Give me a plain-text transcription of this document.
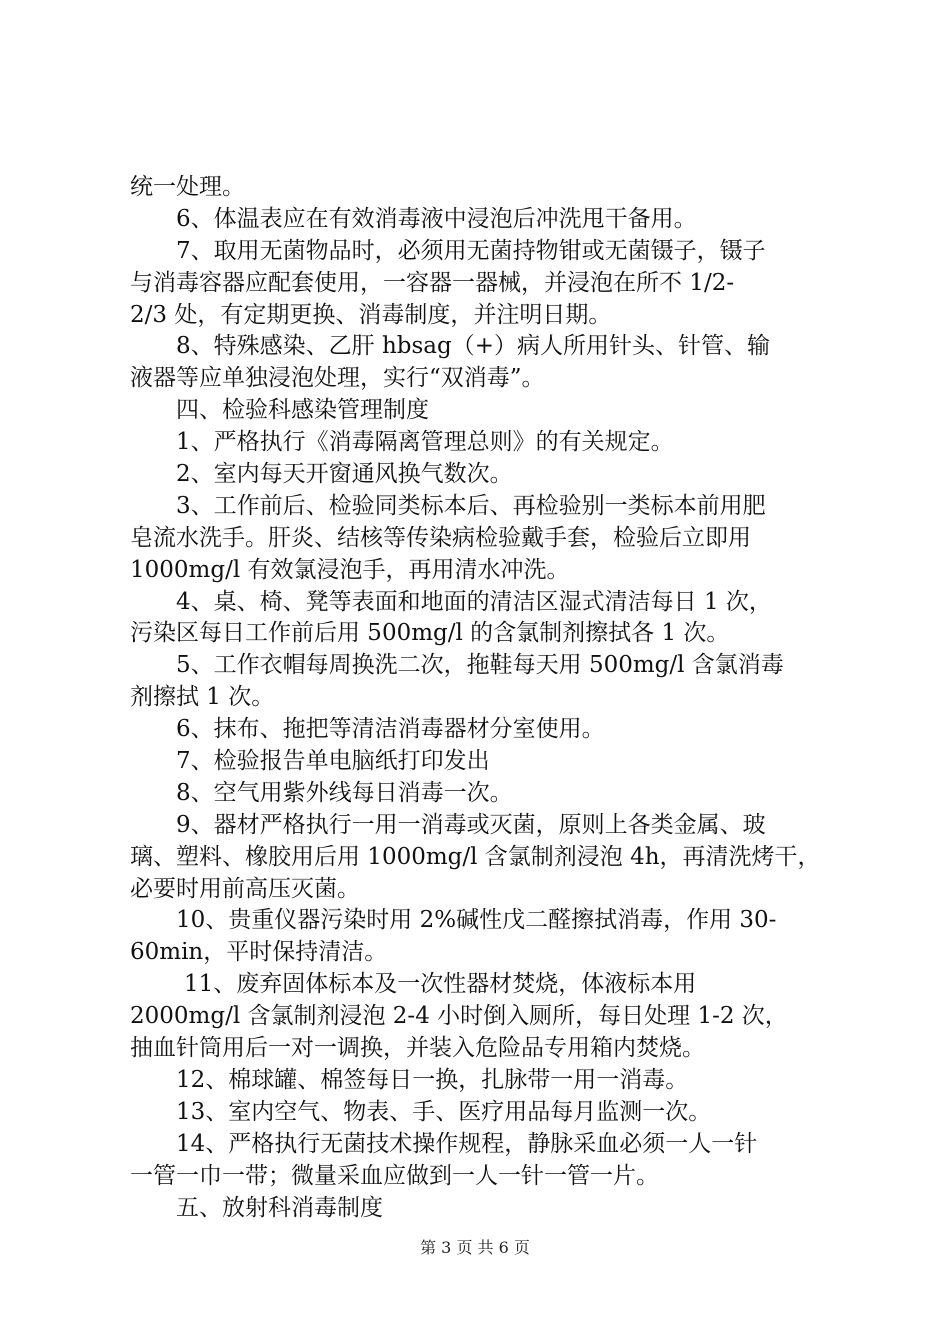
统一处理。
6、体温表应在有效消毒液中浸泡后冲洗甩干备用。
7、取用无菌物品时，必须用无菌持物钳或无菌镊子，镊子
与消毒容器应配套使用，一容器一器械，并浸泡在所不 1/2-
2/3 处，有定期更换、消毒制度，并注明日期。
8、特殊感染、乙肝 hbsag（+）病人所用针头、针管、输
液器等应单独浸泡处理，实行“双消毒”。
四、检验科感染管理制度
1、严格执行《消毒隔离管理总则》的有关规定。
2、室内每天开窗通风换气数次。
3、工作前后、检验同类标本后、再检验别一类标本前用肥
皂流水洗手。肝炎、结核等传染病检验戴手套，检验后立即用
1000mg/l 有效氯浸泡手，再用清水冲洗。
4、桌、椅、凳等表面和地面的清洁区湿式清洁每日 1 次，
污染区每日工作前后用 500mg/l 的含氯制剂擦拭各 1 次。
5、工作衣帽每周换洗二次，拖鞋每天用 500mg/l 含氯消毒
剂擦拭 1 次。
6、抹布、拖把等清洁消毒器材分室使用。
7、检验报告单电脑纸打印发出
8、空气用紫外线每日消毒一次。
9、器材严格执行一用一消毒或灭菌，原则上各类金属、玻
璃、塑料、橡胶用后用 1000mg/l 含氯制剂浸泡 4h，再清洗烤干，
必要时用前高压灭菌。
10、贵重仪器污染时用 2%碱性戊二醛擦拭消毒，作用 30-
60min，平时保持清洁。
11、废弃固体标本及一次性器材焚烧，体液标本用
2000mg/l 含氯制剂浸泡 2-4 小时倒入厕所，每日处理 1-2 次，
抽血针筒用后一对一调换，并装入危险品专用箱内焚烧。
12、棉球罐、棉签每日一换，扎脉带一用一消毒。
13、室内空气、物表、手、医疗用品每月监测一次。
14、严格执行无菌技术操作规程，静脉采血必须一人一针
一管一巾一带；微量采血应做到一人一针一管一片。
五、放射科消毒制度
第 3 页 共 6 页
